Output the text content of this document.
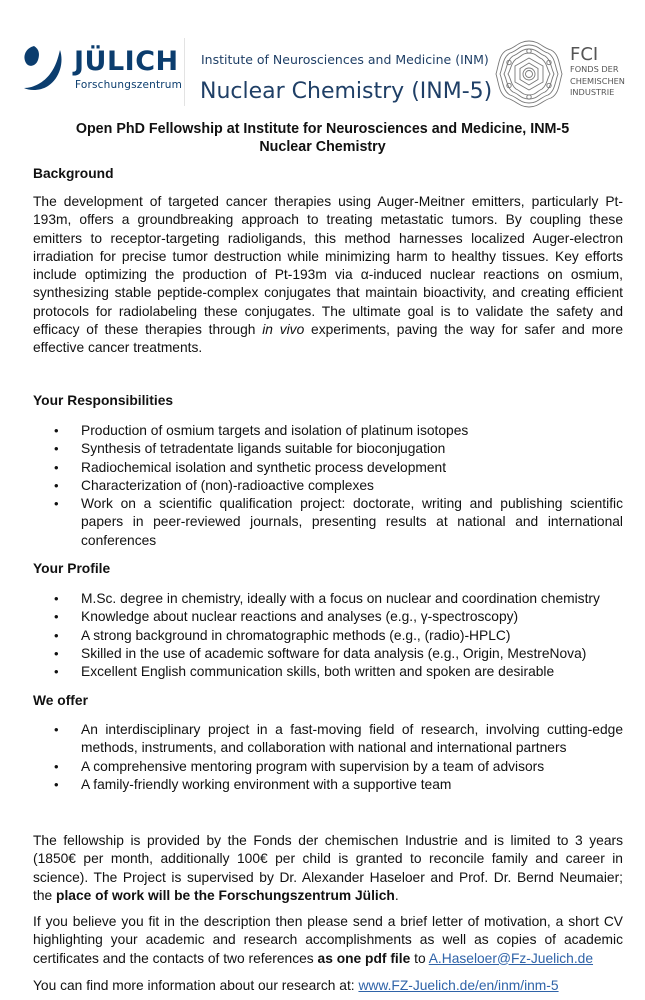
JÜLICH
Forschungszentrum
Institute of Neurosciences and Medicine (INM)
Nuclear Chemistry (INM-5)
FCI
FONDS DER
CHEMISCHEN
INDUSTRIE
Open PhD Fellowship at Institute for Neurosciences and Medicine, INM-5
Nuclear Chemistry
Background
The development of targeted cancer therapies using Auger-Meitner emitters, particularly Pt-193m, offers a groundbreaking approach to treating metastatic tumors. By coupling these emitters to receptor-targeting radioligands, this method harnesses localized Auger-electron irradiation for precise tumor destruction while minimizing harm to healthy tissues. Key efforts include optimizing the production of Pt-193m via α-induced nuclear reactions on osmium, synthesizing stable peptide-complex conjugates that maintain bioactivity, and creating efficient protocols for radiolabeling these conjugates. The ultimate goal is to validate the safety and efficacy of these therapies through in vivo experiments, paving the way for safer and more effective cancer treatments.
Your Responsibilities
• Production of osmium targets and isolation of platinum isotopes
• Synthesis of tetradentate ligands suitable for bioconjugation
• Radiochemical isolation and synthetic process development
• Characterization of (non)-radioactive complexes
• Work on a scientific qualification project: doctorate, writing and publishing scientific papers in peer-reviewed journals, presenting results at national and international conferences
Your Profile
• M.Sc. degree in chemistry, ideally with a focus on nuclear and coordination chemistry
• Knowledge about nuclear reactions and analyses (e.g., γ-spectroscopy)
• A strong background in chromatographic methods (e.g., (radio)-HPLC)
• Skilled in the use of academic software for data analysis (e.g., Origin, MestreNova)
• Excellent English communication skills, both written and spoken are desirable
We offer
• An interdisciplinary project in a fast-moving field of research, involving cutting-edge methods, instruments, and collaboration with national and international partners
• A comprehensive mentoring program with supervision by a team of advisors
• A family-friendly working environment with a supportive team
The fellowship is provided by the Fonds der chemischen Industrie and is limited to 3 years (1850€ per month, additionally 100€ per child is granted to reconcile family and career in science). The Project is supervised by Dr. Alexander Haseloer and Prof. Dr. Bernd Neumaier; the place of work will be the Forschungszentrum Jülich.
If you believe you fit in the description then please send a brief letter of motivation, a short CV highlighting your academic and research accomplishments as well as copies of academic certificates and the contacts of two references as one pdf file to A.Haseloer@Fz-Juelich.de
You can find more information about our research at: www.FZ-Juelich.de/en/inm/inm-5
